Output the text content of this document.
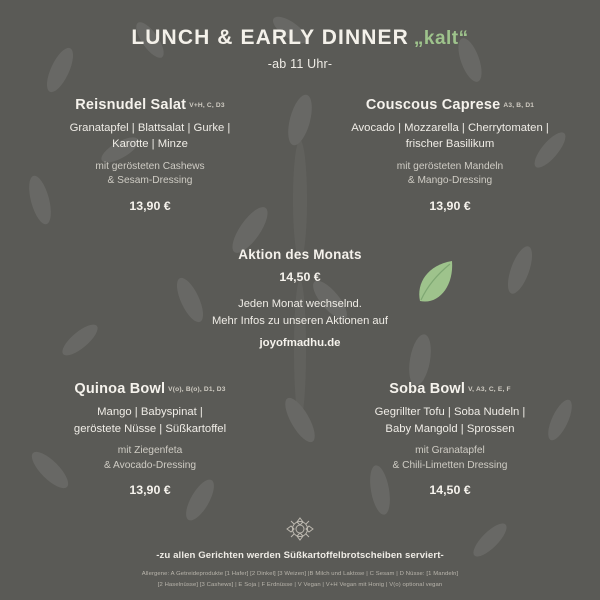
LUNCH & EARLY DINNER „kalt“
-ab 11 Uhr-
Reisnudel Salat V+H, C, D3
Granatapfel | Blattsalat | Gurke |
Karotte | Minze
mit gerösteten Cashews
& Sesam-Dressing
13,90 €
Couscous Caprese A3, B, D1
Avocado | Mozzarella | Cherrytomaten |
frischer Basilikum
mit gerösteten Mandeln
& Mango-Dressing
13,90 €
Aktion des Monats
14,50 €
Jeden Monat wechselnd.
Mehr Infos zu unseren Aktionen auf
joyofmadhu.de
Quinoa Bowl V(o), B(o), D1, D3
Mango | Babyspinat |
geröstete Nüsse | Süßkartoffel
mit Ziegenfeta
& Avocado-Dressing
13,90 €
Soba Bowl V, A3, C, E, F
Gegrillter Tofu | Soba Nudeln |
Baby Mangold | Sprossen
mit Granatapfel
& Chili-Limetten Dressing
14,50 €
-zu allen Gerichten werden Süßkartoffelbrotscheiben serviert-
Allergene: A Getreideprodukte [1 Hafer] [2 Dinkel] [3 Weizen] |B Milch und Laktose | C Sesam | D Nüsse: [1 Mandeln]
[2 Haselnüsse] [3 Cashews] | E Soja | F Erdnüsse | V Vegan | V+H Vegan mit Honig | V(o) optional vegan
